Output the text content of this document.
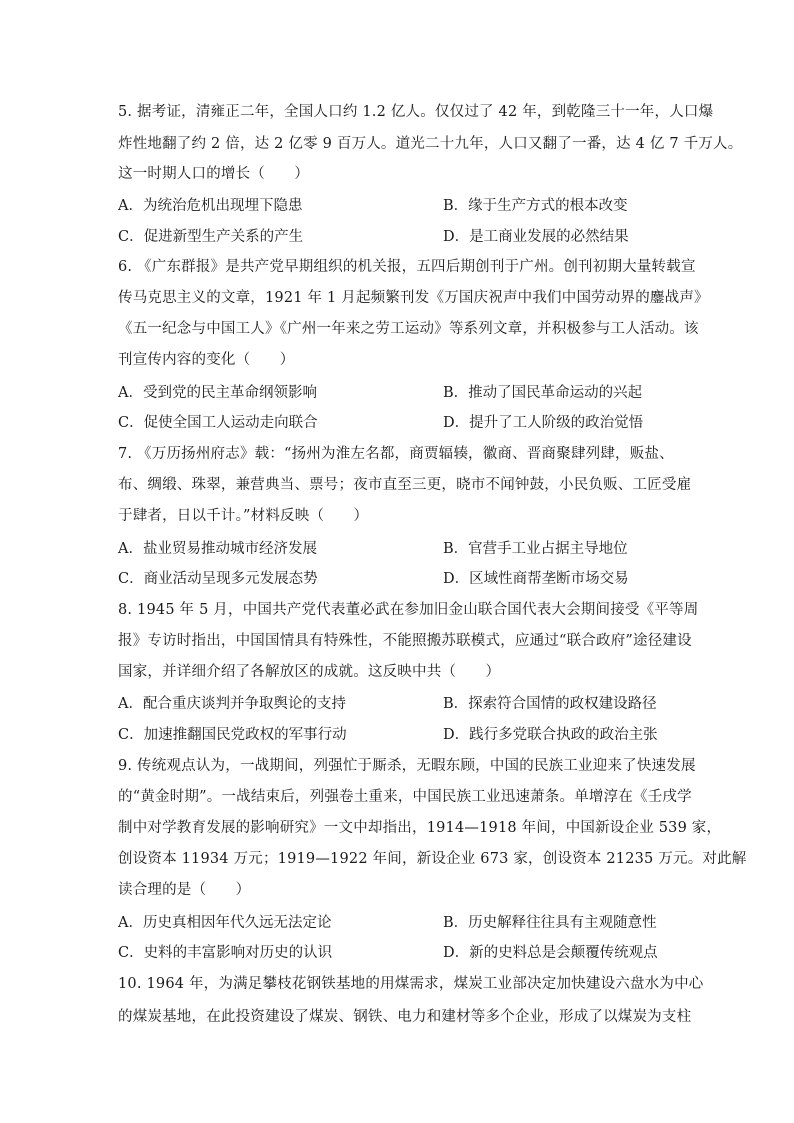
5. 据考证，清雍正二年，全国人口约 1.2 亿人。仅仅过了 42 年，到乾隆三十一年，人口爆
炸性地翻了约 2 倍，达 2 亿零 9 百万人。道光二十九年，人口又翻了一番，达 4 亿 7 千万人。
这一时期人口的增长（　　）
A．为统治危机出现埋下隐患	B．缘于生产方式的根本改变
C．促进新型生产关系的产生	D．是工商业发展的必然结果
6. 《广东群报》是共产党早期组织的机关报，五四后期创刊于广州。创刊初期大量转载宣
传马克思主义的文章，1921 年 1 月起频繁刊发《万国庆祝声中我们中国劳动界的鏖战声》
《五一纪念与中国工人》《广州一年来之劳工运动》等系列文章，并积极参与工人活动。该
刊宣传内容的变化（　　）
A．受到党的民主革命纲领影响	B．推动了国民革命运动的兴起
C．促使全国工人运动走向联合	D．提升了工人阶级的政治觉悟
7. 《万历扬州府志》载：“扬州为淮左名都，商贾辐辏，徽商、晋商聚肆列肆，贩盐、
布、绸缎、珠翠，兼营典当、票号；夜市直至三更，晓市不闻钟鼓，小民负贩、工匠受雇
于肆者，日以千计。”材料反映（　　）
A．盐业贸易推动城市经济发展	B．官营手工业占据主导地位
C．商业活动呈现多元发展态势	D．区域性商帮垄断市场交易
8. 1945 年 5 月，中国共产党代表董必武在参加旧金山联合国代表大会期间接受《平等周
报》专访时指出，中国国情具有特殊性，不能照搬苏联模式，应通过“联合政府”途径建设
国家，并详细介绍了各解放区的成就。这反映中共（　　）
A．配合重庆谈判并争取舆论的支持	B．探索符合国情的政权建设路径
C．加速推翻国民党政权的军事行动	D．践行多党联合执政的政治主张
9. 传统观点认为，一战期间，列强忙于厮杀，无暇东顾，中国的民族工业迎来了快速发展
的“黄金时期”。一战结束后，列强卷土重来，中国民族工业迅速萧条。单增淳在《壬戌学
制中对学教育发展的影响研究》一文中却指出，1914—1918 年间，中国新设企业 539 家，
创设资本 11934 万元；1919—1922 年间，新设企业 673 家，创设资本 21235 万元。对此解
读合理的是（　　）
A．历史真相因年代久远无法定论	B．历史解释往往具有主观随意性
C．史料的丰富影响对历史的认识	D．新的史料总是会颠覆传统观点
10. 1964 年，为满足攀枝花钢铁基地的用煤需求，煤炭工业部决定加快建设六盘水为中心
的煤炭基地，在此投资建设了煤炭、钢铁、电力和建材等多个企业，形成了以煤炭为支柱
